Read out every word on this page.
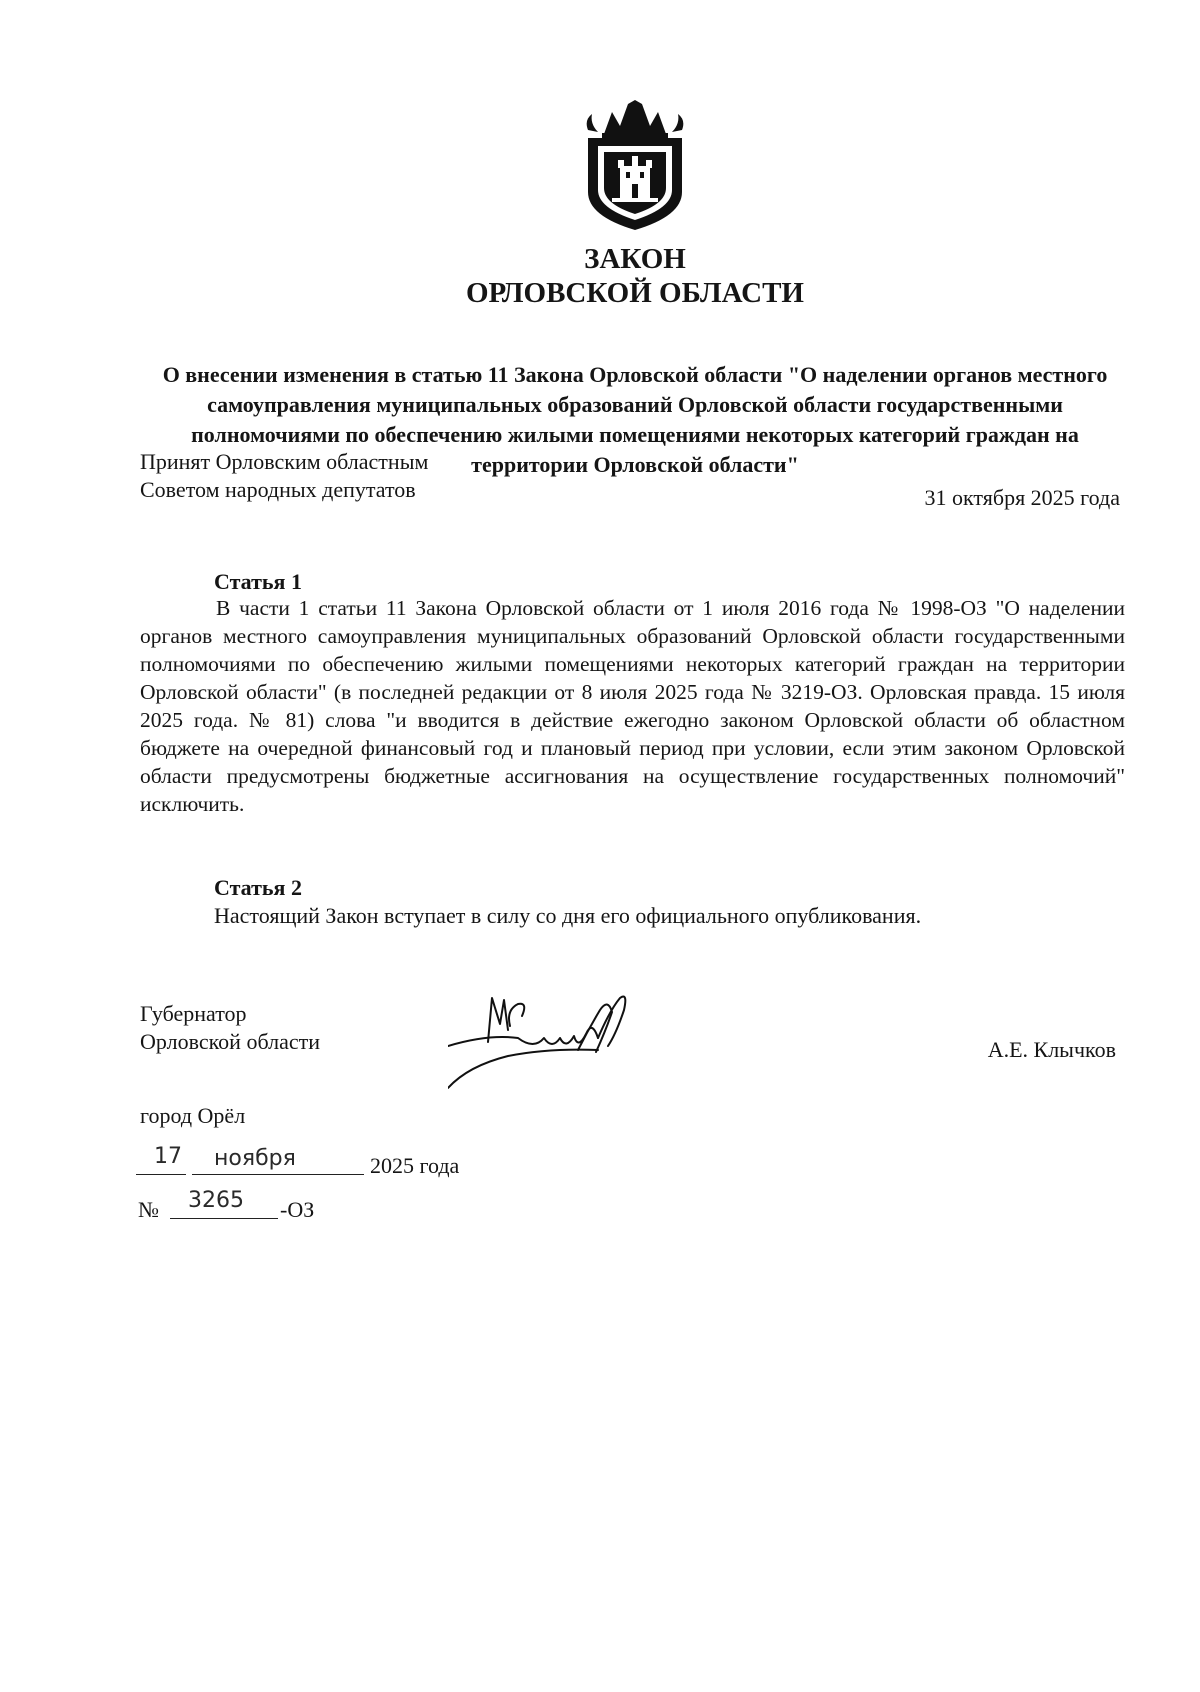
ЗАКОН
ОРЛОВСКОЙ ОБЛАСТИ
О внесении изменения в статью 11 Закона Орловской области "О наделении органов местного самоуправления муниципальных образований Орловской области государственными полномочиями по обеспечению жилыми помещениями некоторых категорий граждан на территории Орловской области"
Принят Орловским областным
Советом народных депутатов	31 октября 2025 года
Статья 1

В части 1 статьи 11 Закона Орловской области от 1 июля 2016 года № 1998-ОЗ "О наделении органов местного самоуправления муниципальных образований Орловской области государственными полномочиями по обеспечению жилыми помещениями некоторых категорий граждан на территории Орловской области" (в последней редакции от 8 июля 2025 года № 3219-ОЗ. Орловская правда. 15 июля 2025 года. № 81) слова "и вводится в действие ежегодно законом Орловской области об областном бюджете на очередной финансовый год и плановый период при условии, если этим законом Орловской области предусмотрены бюджетные ассигнования на осуществление государственных полномочий" исключить.

Статья 2
Настоящий Закон вступает в силу со дня его официального опубликования.
Губернатор
Орловской области	А.Е. Клычков
город Орёл
17 ноября	2025 года
№ 3265 -ОЗ
